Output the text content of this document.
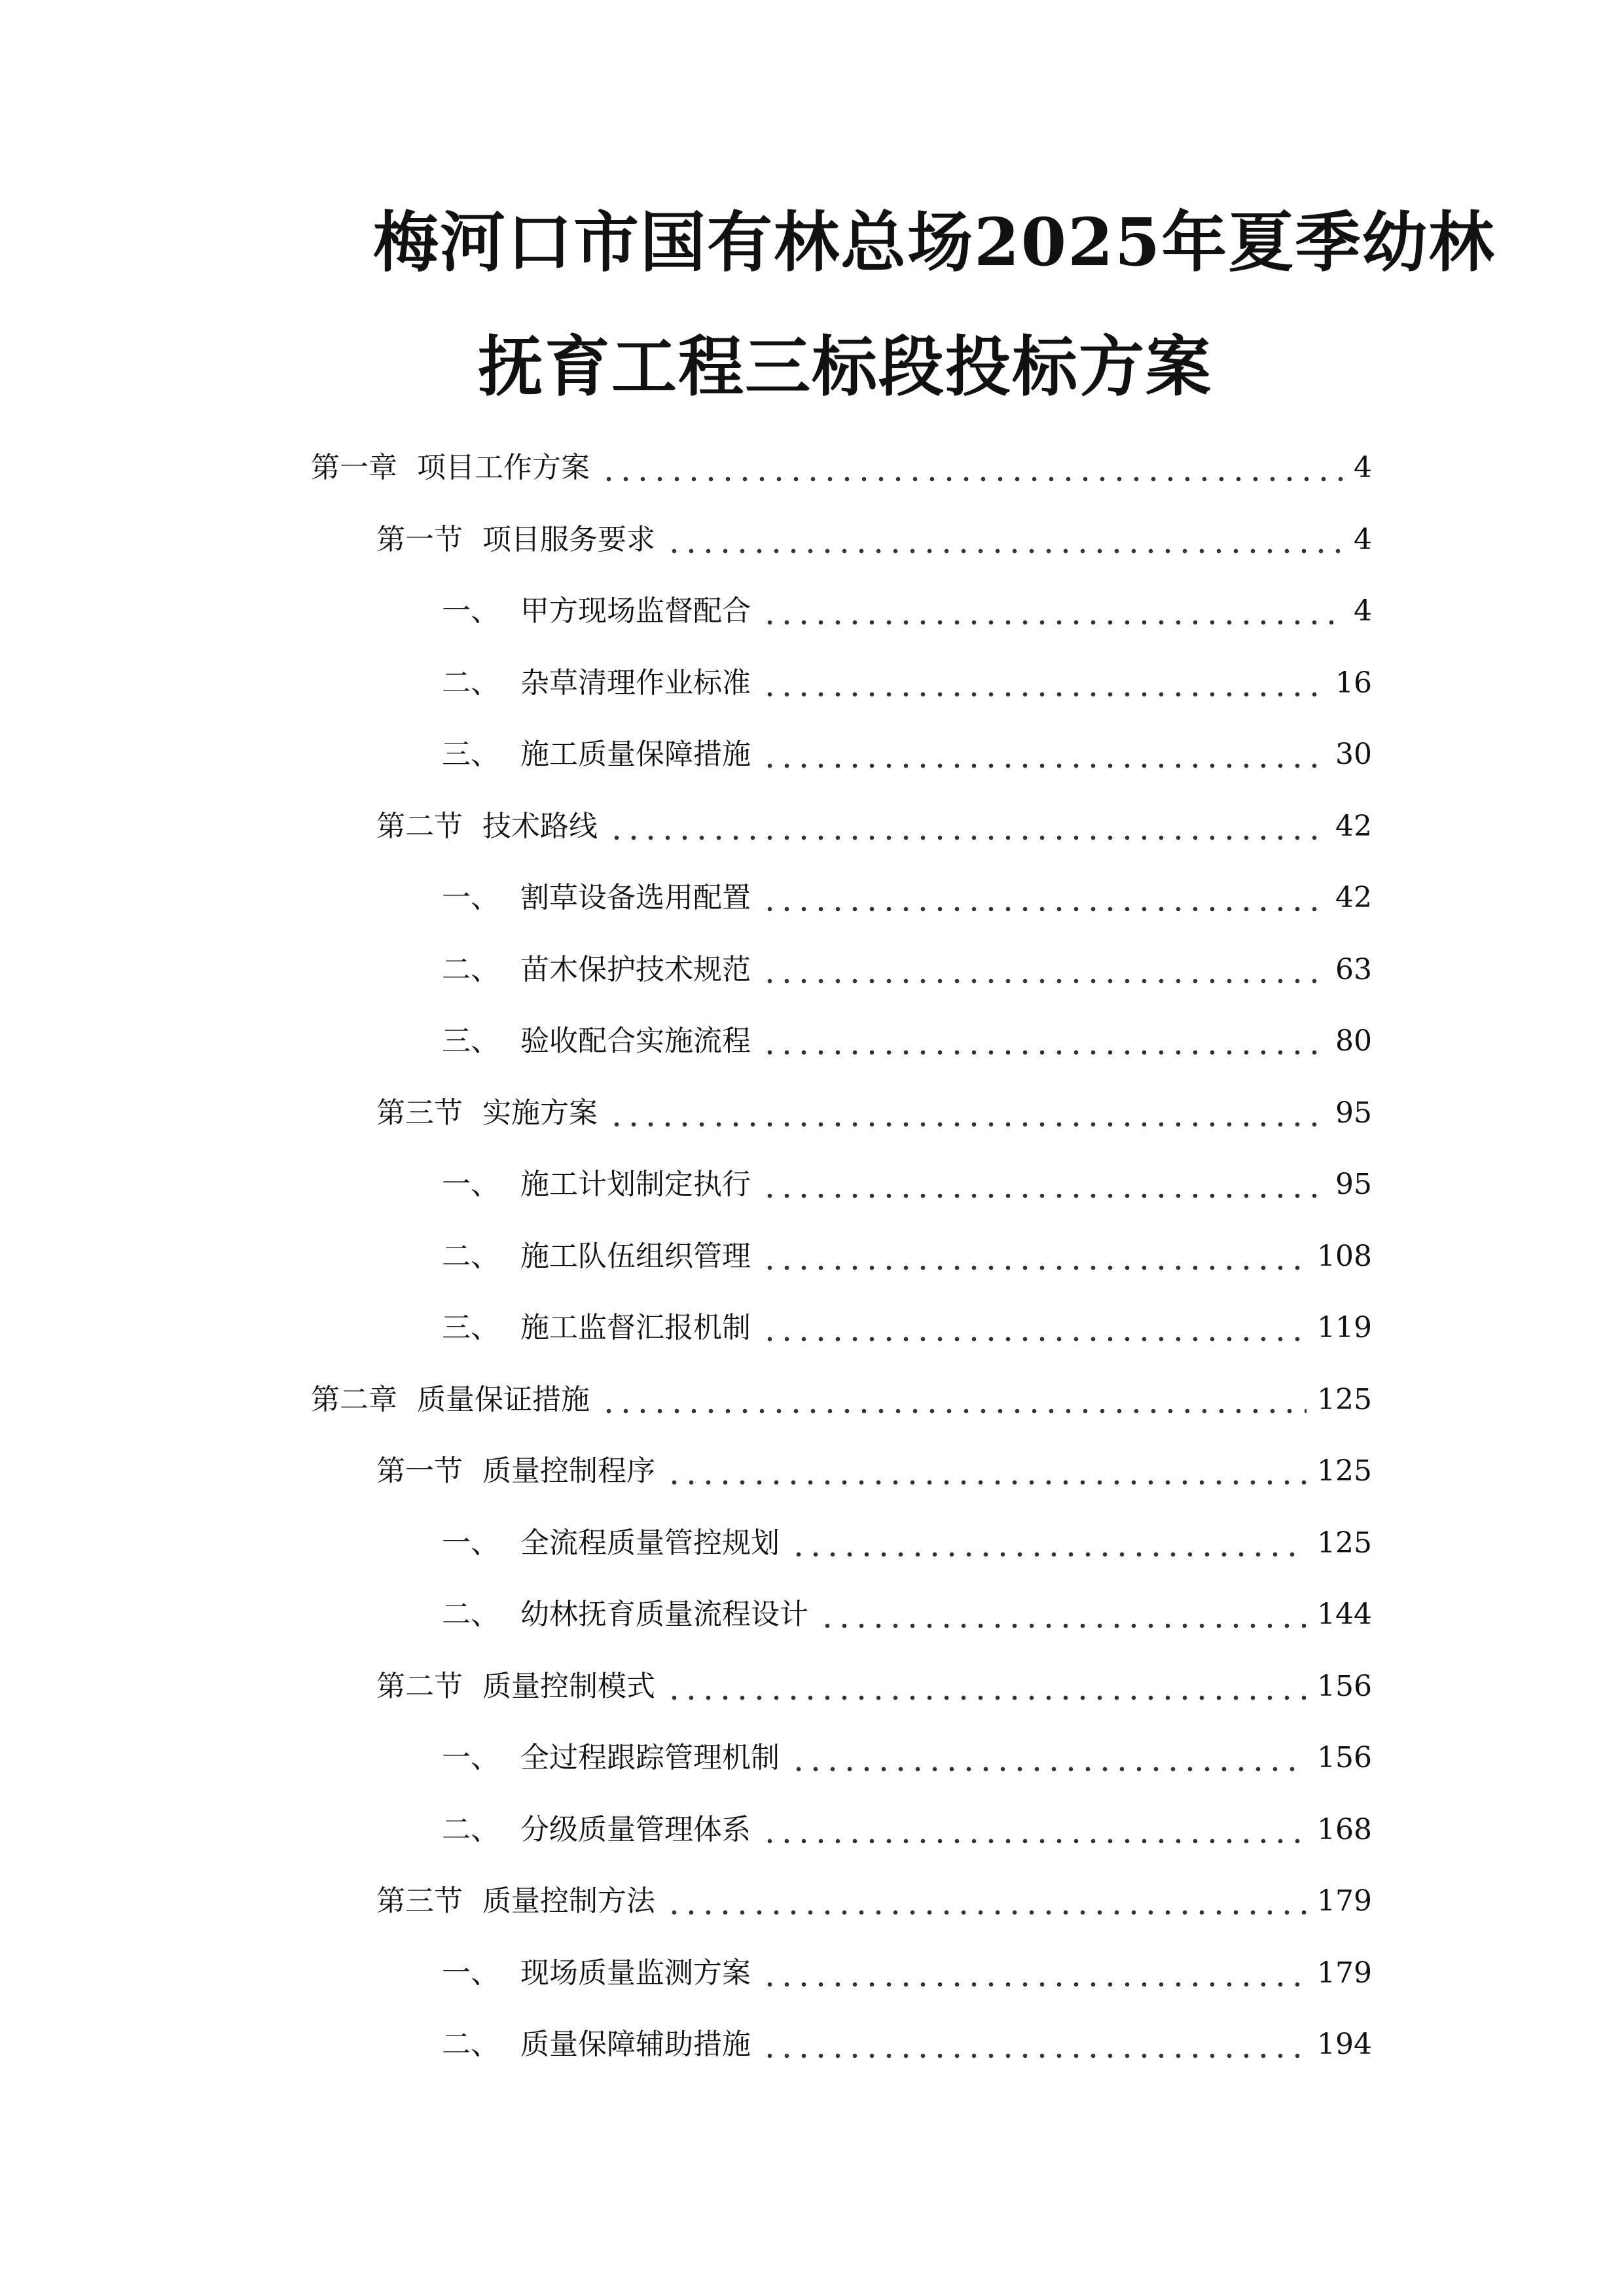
梅河口市国有林总场2025年夏季幼林
抚育工程三标段投标方案
第一章 项目工作方案	4
第一节 项目服务要求	4
一、 甲方现场监督配合	4
二、 杂草清理作业标准	16
三、 施工质量保障措施	30
第二节 技术路线	42
一、 割草设备选用配置	42
二、 苗木保护技术规范	63
三、 验收配合实施流程	80
第三节 实施方案	95
一、 施工计划制定执行	95
二、 施工队伍组织管理	108
三、 施工监督汇报机制	119
第二章 质量保证措施	125
第一节 质量控制程序	125
一、 全流程质量管控规划	125
二、 幼林抚育质量流程设计	144
第二节 质量控制模式	156
一、 全过程跟踪管理机制	156
二、 分级质量管理体系	168
第三节 质量控制方法	179
一、 现场质量监测方案	179
二、 质量保障辅助措施	194
